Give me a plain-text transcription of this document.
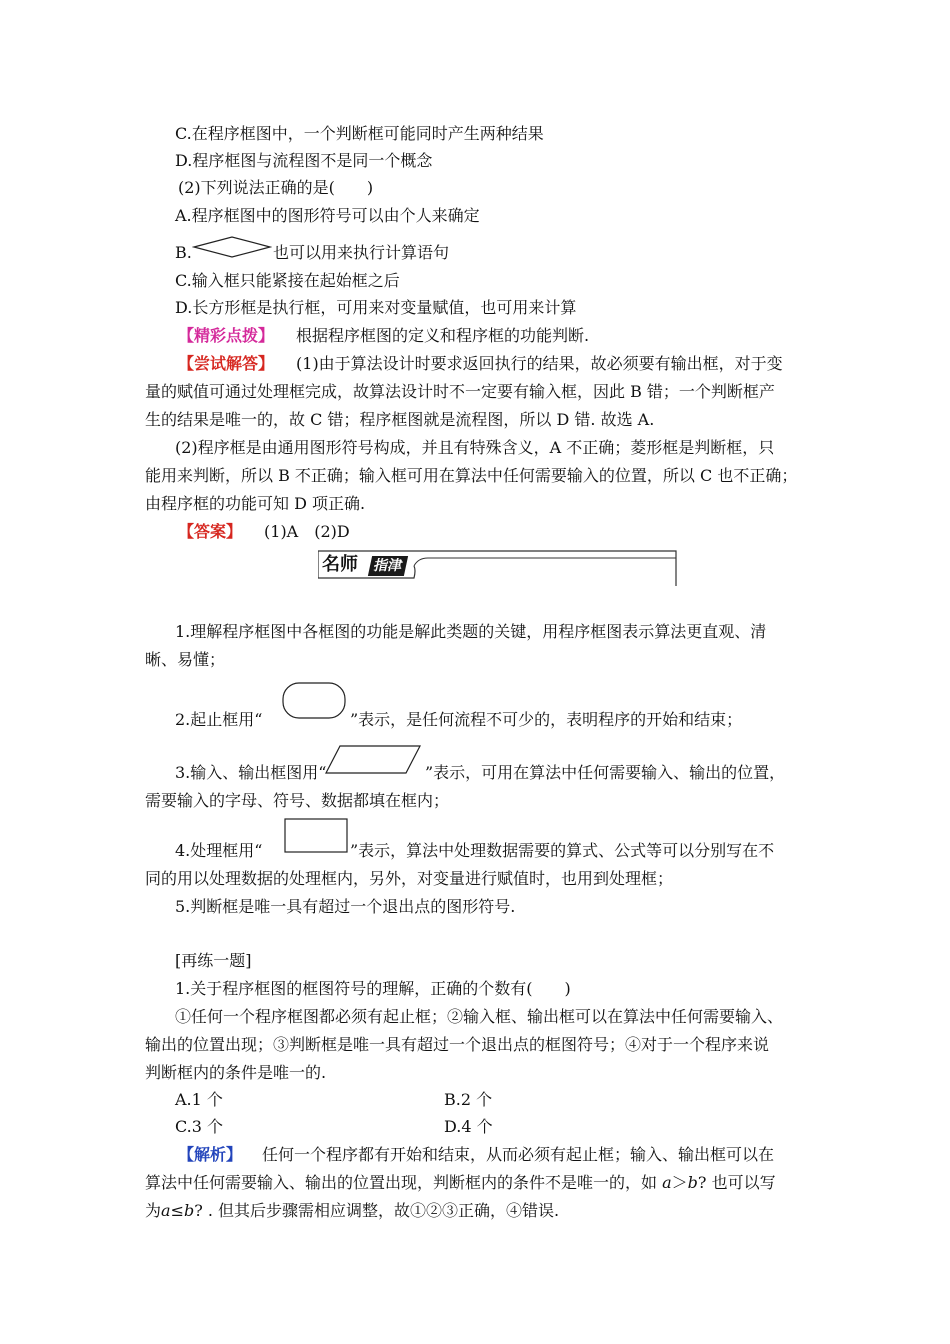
C.在程序框图中，一个判断框可能同时产生两种结果
D.程序框图与流程图不是同一个概念
(2)下列说法正确的是(　　)
A.程序框图中的图形符号可以由个人来确定
B.	也可以用来执行计算语句
C.输入框只能紧接在起始框之后
D.长方形框是执行框，可用来对变量赋值，也可用来计算
【精彩点拨】 根据程序框图的定义和程序框的功能判断.
【尝试解答】 (1)由于算法设计时要求返回执行的结果，故必须要有输出框，对于变
量的赋值可通过处理框完成，故算法设计时不一定要有输入框，因此 B 错；一个判断框产
生的结果是唯一的，故 C 错；程序框图就是流程图，所以 D 错. 故选 A.
(2)程序框是由通用图形符号构成，并且有特殊含义，A 不正确；菱形框是判断框，只
能用来判断，所以 B 不正确；输入框可用在算法中任何需要输入的位置，所以 C 也不正确；
由程序框的功能可知 D 项正确.
【答案】 (1)A　(2)D
名师	指津
1.理解程序框图中各框图的功能是解此类题的关键，用程序框图表示算法更直观、清
晰、易懂；
2.起止框用“	”表示，是任何流程不可少的，表明程序的开始和结束；
3.输入、输出框图用“	”表示，可用在算法中任何需要输入、输出的位置，
需要输入的字母、符号、数据都填在框内；
4.处理框用“	”表示，算法中处理数据需要的算式、公式等可以分别写在不
同的用以处理数据的处理框内，另外，对变量进行赋值时，也用到处理框；
5.判断框是唯一具有超过一个退出点的图形符号.
[再练一题]
1.关于程序框图的框图符号的理解，正确的个数有(　　)
①任何一个程序框图都必须有起止框；②输入框、输出框可以在算法中任何需要输入、
输出的位置出现；③判断框是唯一具有超过一个退出点的框图符号；④对于一个程序来说
判断框内的条件是唯一的.
A.1 个	B.2 个
C.3 个	D.4 个
【解析】 任何一个程序都有开始和结束，从而必须有起止框；输入、输出框可以在
算法中任何需要输入、输出的位置出现，判断框内的条件不是唯一的，如 a＞b? 也可以写
为a≤b? . 但其后步骤需相应调整，故①②③正确，④错误.
